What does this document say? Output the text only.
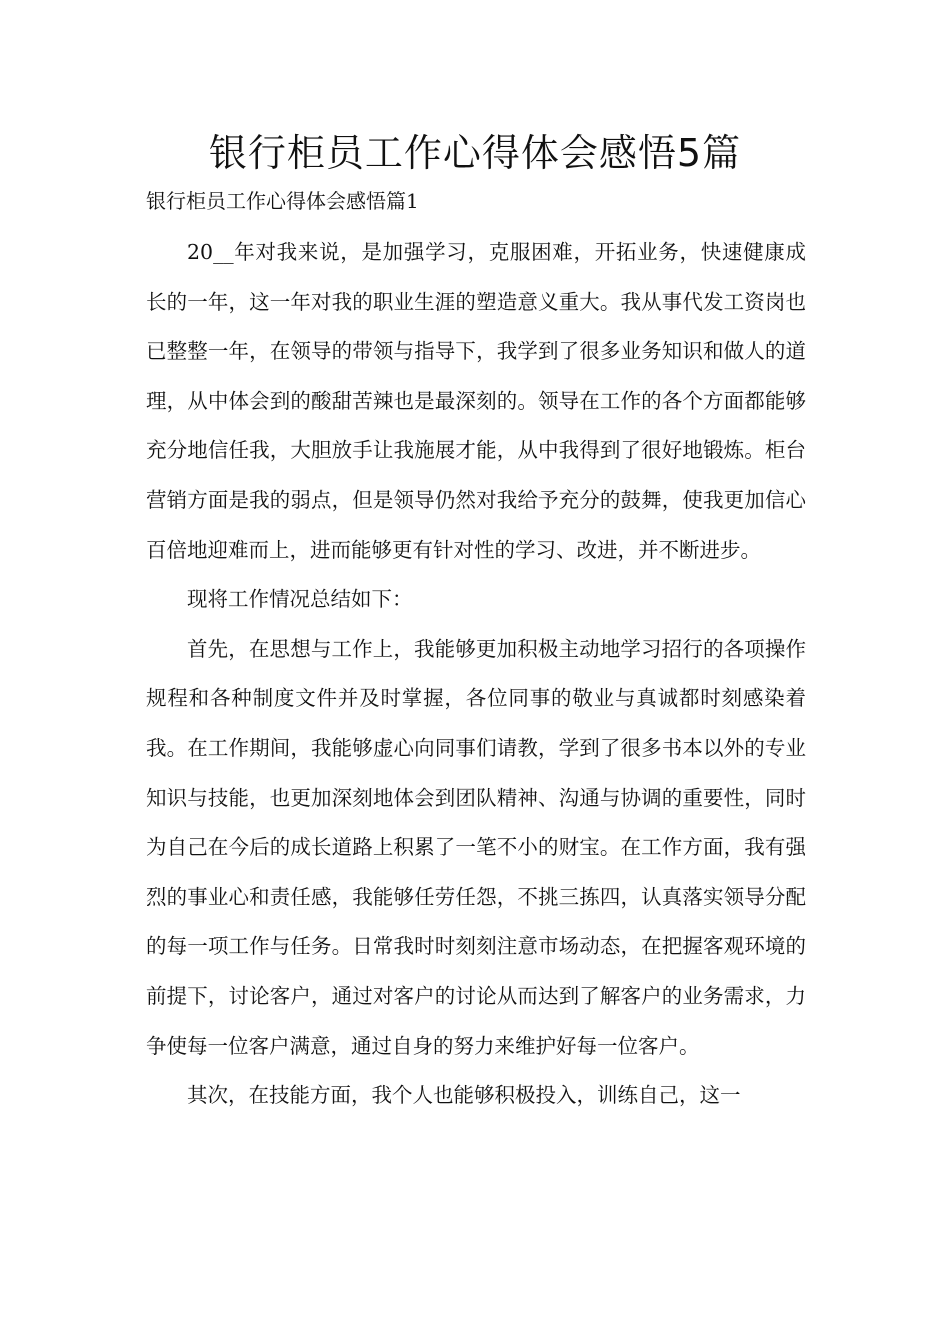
银行柜员工作心得体会感悟5篇

银行柜员工作心得体会感悟篇1

20__年对我来说，是加强学习，克服困难，开拓业务，快速健康成长的一年，这一年对我的职业生涯的塑造意义重大。我从事代发工资岗也已整整一年，在领导的带领与指导下，我学到了很多业务知识和做人的道理，从中体会到的酸甜苦辣也是最深刻的。领导在工作的各个方面都能够充分地信任我，大胆放手让我施展才能，从中我得到了很好地锻炼。柜台营销方面是我的弱点，但是领导仍然对我给予充分的鼓舞，使我更加信心百倍地迎难而上，进而能够更有针对性的学习、改进，并不断进步。

现将工作情况总结如下：

首先，在思想与工作上，我能够更加积极主动地学习招行的各项操作规程和各种制度文件并及时掌握，各位同事的敬业与真诚都时刻感染着我。在工作期间，我能够虚心向同事们请教，学到了很多书本以外的专业知识与技能，也更加深刻地体会到团队精神、沟通与协调的重要性，同时为自己在今后的成长道路上积累了一笔不小的财宝。在工作方面，我有强烈的事业心和责任感，我能够任劳任怨，不挑三拣四，认真落实领导分配的每一项工作与任务。日常我时时刻刻注意市场动态，在把握客观环境的前提下，讨论客户，通过对客户的讨论从而达到了解客户的业务需求，力争使每一位客户满意，通过自身的努力来维护好每一位客户。

其次，在技能方面，我个人也能够积极投入，训练自己，这一
